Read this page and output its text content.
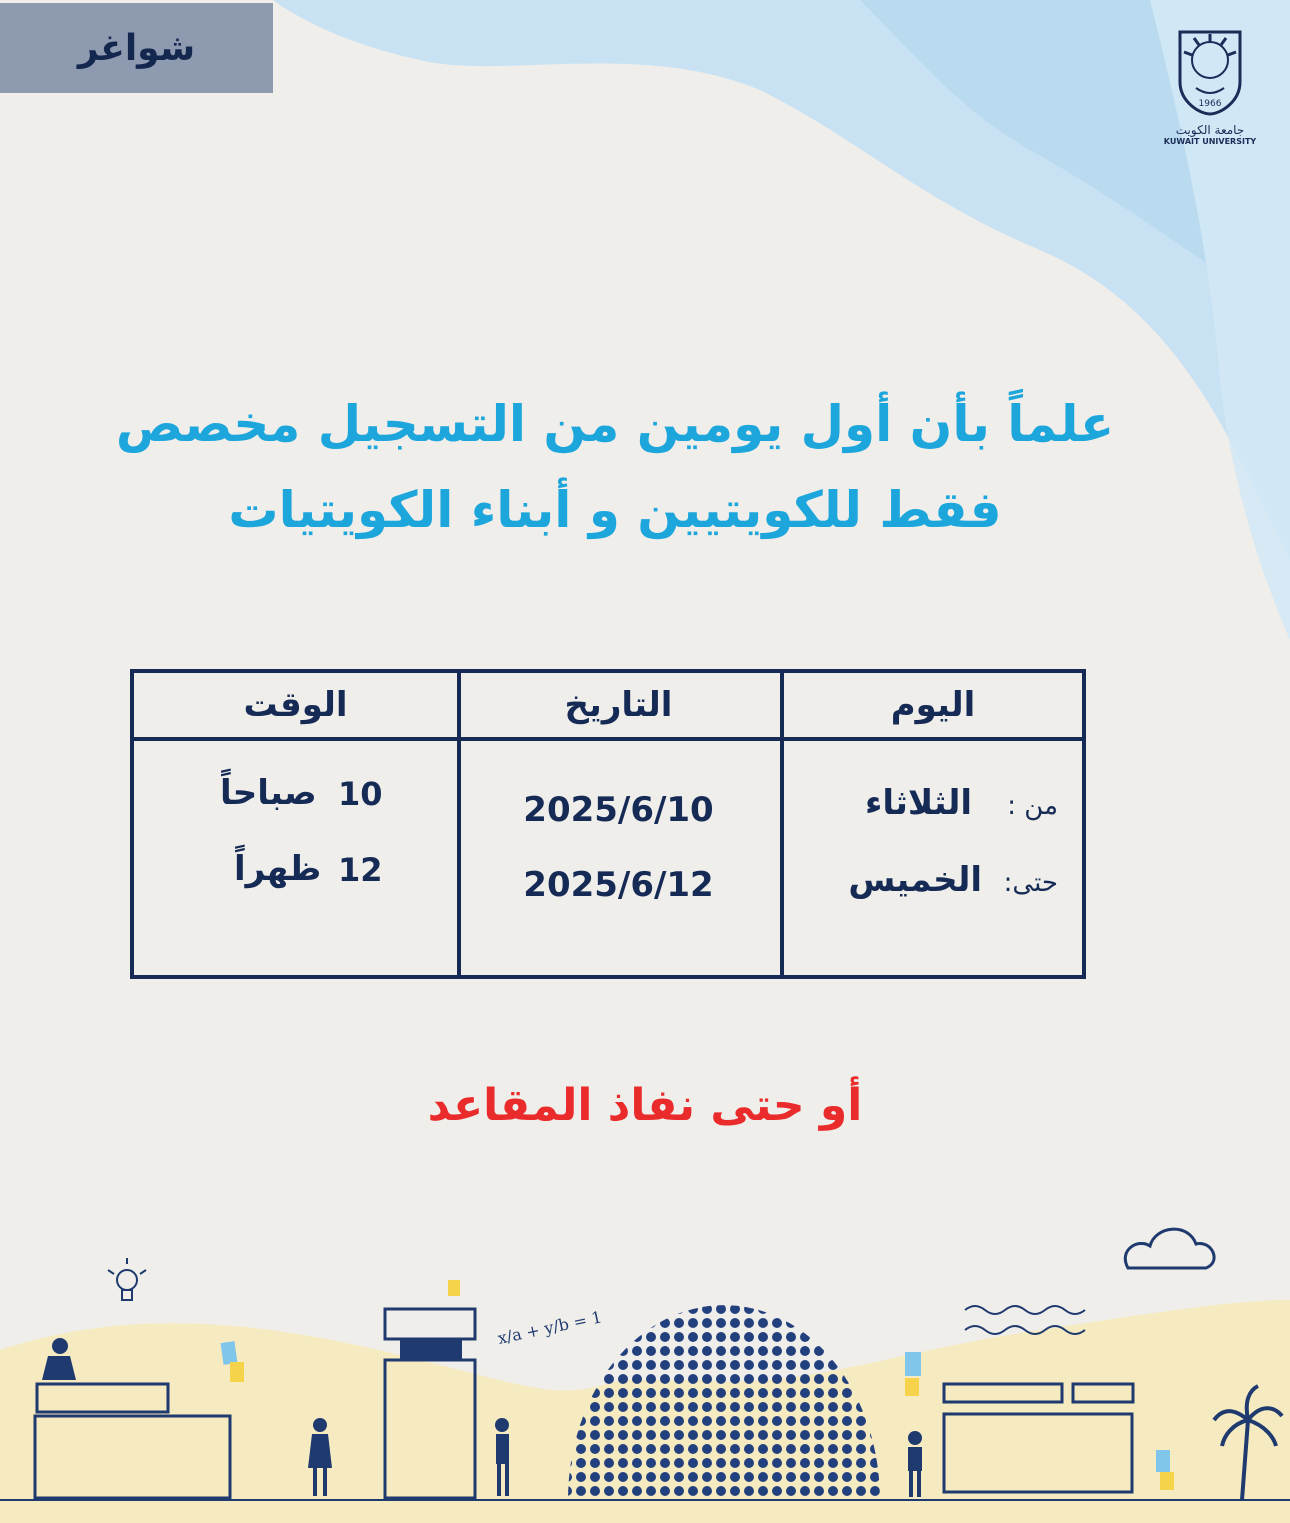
x/a + y/b = 1
شواغر
1966
جامعة الكويت
KUWAIT UNIVERSITY
علماً بأن أول يومين من التسجيل مخصص
فقط للكويتيين و أبناء الكويتيات
اليوم
من :
الثلاثاء
حتى:
الخميس
التاريخ
2025/6/10
2025/6/12
الوقت
10
صباحاً
12
ظهراً
أو حتى نفاذ المقاعد
